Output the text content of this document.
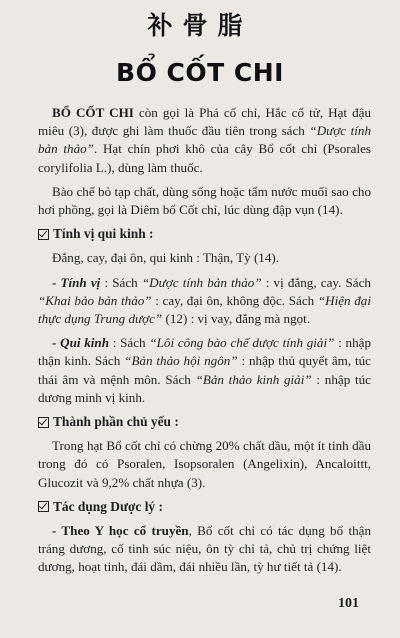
补骨脂
BỔ CỐT CHI

BỔ CỐT CHI còn gọi là Phá cố chỉ, Hắc cố tử, Hạt đậu miêu (3), được ghi làm thuốc đầu tiên trong sách “Dược tính bản thảo”. Hạt chín phơi khô của cây Bổ cốt chỉ (Psorales corylifolia L.), dùng làm thuốc.

Bào chế bỏ tạp chất, dùng sống hoặc tẩm nước muối sao cho hơi phồng, gọi là Diêm bổ Cốt chỉ, lúc dùng đập vụn (14).

Tính vị qui kinh :

Đắng, cay, đại ôn, qui kinh : Thận, Tỳ (14).

- Tính vị : Sách “Dược tính bản thảo” : vị đắng, cay. Sách “Khai bảo bản thảo” : cay, đại ôn, không độc. Sách “Hiện đại thực dụng Trung dược” (12) : vị vay, đắng mà ngọt.

- Qui kinh : Sách “Lôi công bào chế dược tính giải” : nhập thận kinh. Sách “Bản thảo hội ngôn” : nhập thủ quyết âm, túc thái âm và mệnh môn. Sách “Bản thảo kinh giải” : nhập túc dương minh vị kinh.

Thành phần chủ yếu :

Trong hạt Bổ cốt chỉ có chừng 20% chất dầu, một ít tinh dầu trong đó có Psoralen, Isopsoralen (Angelixin), Ancaloittt, Glucozit và 9,2% chất nhựa (3).

Tác dụng Dược lý :

- Theo Y học cổ truyền, Bổ cốt chỉ có tác dụng bổ thận tráng dương, cố tinh súc niệu, ôn tỳ chỉ tả, chủ trị chứng liệt dương, hoạt tinh, đái dầm, đái nhiều lần, tỳ hư tiết tả (14).

101
